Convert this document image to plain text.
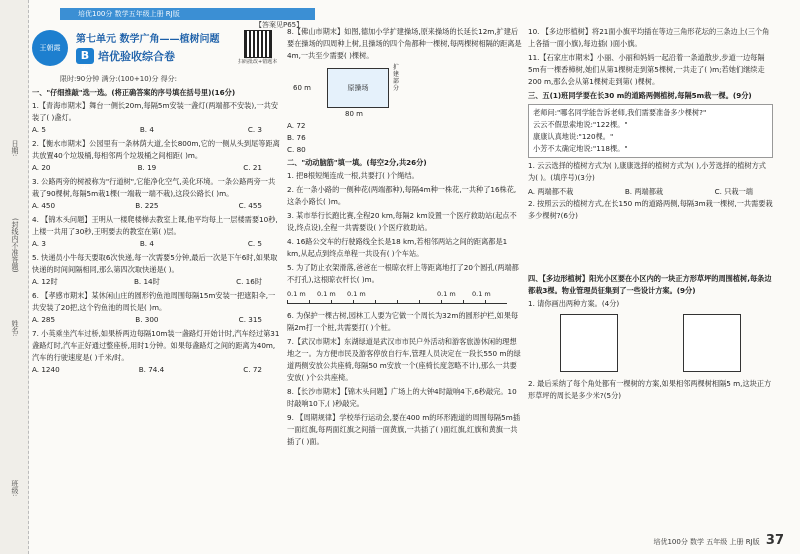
日期:
(封线内不准答题)
姓名:
班级:
培优100分 数学五年级上册 RJ版
【答案见P65】
王朝霞
第七单元 数学广角——植树问题
B卷
培优验收综合卷	扫码批改+错题本
限时:90分钟 满分:(100+10)分 得分:
一、"仔细推敲"选一选。(将正确答案的序号填在括号里)(16分)
1.【青海市期末】舞台一侧长20m,每隔5m安装一盏灯(两端都不安装),一共安装了( )盏灯。
A. 5	B. 4	C. 3
2.【衡水市期末】公园里有一条林荫大道,全长800m,它的一侧从头到尾等距离共放置40个垃圾桶,每相邻两个垃圾桶之间相距( )m。
A. 20	B. 19	C. 21
3. 公路两旁的树被称为"行道树",它能净化空气,美化环境。一条公路两旁一共栽了90棵树,每隔5m栽1棵(一端栽一端不栽),这段公路长( )m。
A. 450	B. 225	C. 455
4. 【锦木头问题】王明从一楼爬楼梯去教室上课,他平均每上一层楼需要10秒,上楼一共用了30秒,王明要去的教室在第( )层。
A. 3	B. 4	C. 5
5. 快递员小牛每天要取6次快递,每一次需要5分钟,最后一次是下午6时,如果取快递的时间间隔相同,那么第四次取快递是( )。
A. 12时	B. 14时	C. 16时
6. 【孝感市期末】某休闲山庄的圆形钓鱼池周围每隔15m安装一把遮阳伞,一共安装了20把,这个钓鱼池的周长是( )m。
A. 285	B. 300	C. 315
7. 小英乘坐汽车过桥,如果桥两边每隔10m装一盏路灯开始计时,汽车经过第31盏路灯时,汽车正好通过整座桥,用时1分钟。如果每盏路灯之间的距离为40m,汽车的行驶速度是( )千米/时。
A. 1240	B. 74.4	C. 72
8.【佛山市期末】如图,德加小学扩建操场,原来操场的长延长12m,扩建后要在操场的四周种上树,且操场的四个角都种一棵树,每两棵树相隔的距离是4m,一共至少需要( )棵树。
60 m	原操场
扩建部分
80 m
A. 72
B. 76
C. 80
二、"动动脑筋"填一填。(每空2分,共26分)
1. 把8根短绳连成一根,共要打( )个绳结。
2. 在一条小路的一侧种花(两端都种),每隔4m种一株花,一共种了16株花,这条小路长( )m。
3. 某市举行长跑比赛,全程20 km,每隔2 km设置一个医疗救助站(起点不设,终点设),全程一共需要设( )个医疗救助站。
4. 16路公交车的行驶路线全长是18 km,若相邻两站之间的距离都是1 km,从起点到终点单程一共设有( )个车站。
5. 为了防止衣架滑落,爸爸在一根晾衣杆上等距离地打了20个圆孔(两端都不打孔),这根晾衣杆长( )m。
0.1 m 0.1 m 0.1 m	0.1 m	0.1 m
6. 为保护一棵古树,园林工人要为它做一个周长为32m的圆形护栏,如果每隔2m打一个桩,共需要打( )个桩。
7.【武汉市期末】东湖绿道是武汉市市民户外活动和游客旅游休闲的理想地之一。为方便市民及游客停放自行车,管理人员决定在一段长550 m的绿道两侧安放公共座椅,每隔50 m安放一个(座椅长度忽略不计),那么一共要安放( )个公共座椅。
8.【长沙市期末】【锦木头问题】广场上的大钟4时敲响4下,6秒敲完。10时敲响10下,( )秒敲完。
9. 【周期规律】学校举行运动会,要在400 m的环形跑道的周围每隔5m插一面红旗,每两面红旗之间插一面黄旗,一共插了( )面红旗,红旗和黄旗一共插了( )面。
10. 【多边形植树】将21面小旗平均插在等边三角形花坛的三条边上(三个角上各插一面小旗),每边插( )面小旗。
11.【石家庄市期末】小丽、小丽和妈妈一起沿着一条道散步,步道一边每隔5m有一棵香樟树,她们从第1棵树走到第5棵树,一共走了( )m;若她们继续走200 m,那么会从第1棵树走到第( )棵树。
三、五(1)班同学要在长30 m的道路两侧植树,每隔5m栽一棵。(9分)
老师问:"哪名同学能告诉老师,我们需要准备多少棵树?"
云云不假思索地说:"122棵。"
康康认真地说:"120棵。"
小芳不太确定地说:"118棵。"
1. 云云选择的植树方式为( ),康康选择的植树方式为( ),小芳选择的植树方式为( )。(填序号)(3分)
A. 两端都不栽	B. 两端都栽	C. 只栽一端
2. 按照云云的植树方式,在长150 m的道路两侧,每隔3m栽一棵树,一共需要栽多少棵树?(6分)
四、【多边形植树】阳光小区要在小区内的一块正方形草坪的周围植树,每条边都栽3棵。物业管理员征集到了一些设计方案。(9分)
1. 请你画出两种方案。(4分)
2. 最后采纳了每个角处都有一棵树的方案,如果相邻两棵树相隔5 m,这块正方形草坪的周长是多少米?(5分)
培优100分 数学 五年级 上册 RJ版 37
